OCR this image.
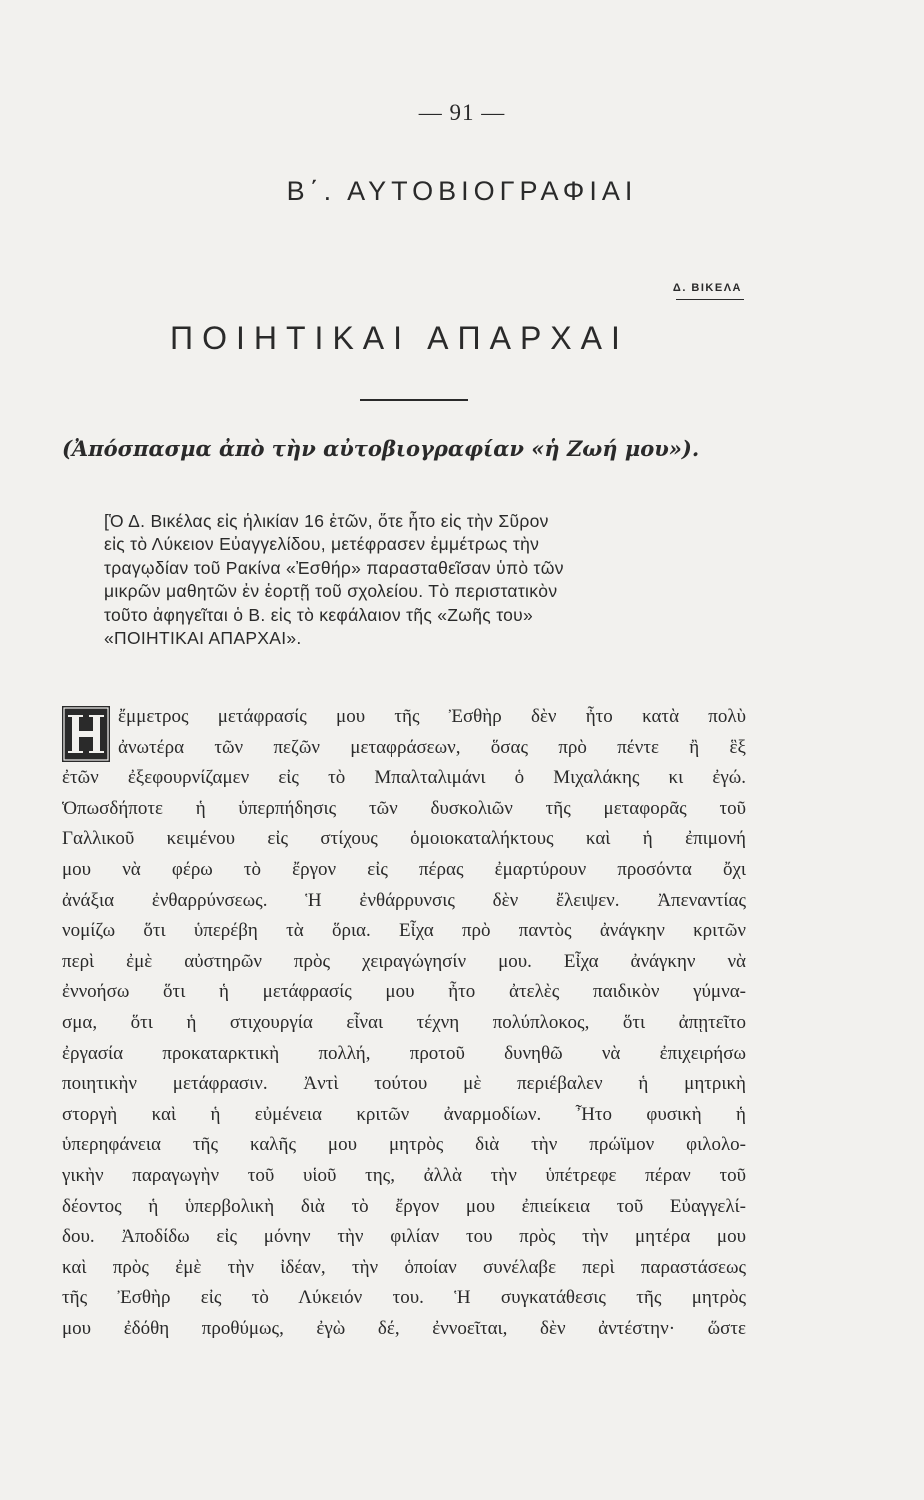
— 91 —
Β΄. ΑΥΤΟΒΙΟΓΡΑΦΙΑΙ
Δ. ΒΙΚΕΛΑ
ΠΟΙΗΤΙΚΑΙ ΑΠΑΡΧΑΙ
(Ἀπόσπασμα ἀπὸ τὴν αὐτοβιογραφίαν «ἡ Ζωή μου»).
[Ὁ Δ. Βικέλας εἰς ἡλικίαν 16 ἐτῶν, ὅτε ἦτο εἰς τὴν Σῦρον
εἰς τὸ Λύκειον Εὐαγγελίδου, μετέφρασεν ἐμμέτρως τὴν
τραγῳδίαν τοῦ Ρακίνα «Ἐσθήρ» παρασταθεῖσαν ὑπὸ τῶν
μικρῶν μαθητῶν ἐν ἑορτῇ τοῦ σχολείου. Τὸ περιστατικὸν
τοῦτο ἀφηγεῖται ὁ Β. εἰς τὸ κεφάλαιον τῆς «Ζωῆς του»
«ΠΟΙΗΤΙΚΑΙ ΑΠΑΡΧΑΙ».
ἔμμετρος μετάφρασίς μου τῆς Ἐσθὴρ δὲν ἦτο κατὰ πολὺ
ἀνωτέρα τῶν πεζῶν μεταφράσεων, ὅσας πρὸ πέντε ἢ ἓξ
ἐτῶν ἐξεφουρνίζαμεν εἰς τὸ Μπαλταλιμάνι ὁ Μιχαλάκης κι ἐγώ.
Ὁπωσδήποτε ἡ ὑπερπήδησις τῶν δυσκολιῶν τῆς μεταφορᾶς τοῦ
Γαλλικοῦ κειμένου εἰς στίχους ὁμοιοκαταλήκτους καὶ ἡ ἐπιμονή
μου νὰ φέρω τὸ ἔργον εἰς πέρας ἐμαρτύρουν προσόντα ὄχι
ἀνάξια ἐνθαρρύνσεως. Ἡ ἐνθάρρυνσις δὲν ἔλειψεν. Ἀπεναντίας
νομίζω ὅτι ὑπερέβη τὰ ὅρια. Εἶχα πρὸ παντὸς ἀνάγκην κριτῶν
περὶ ἐμὲ αὐστηρῶν πρὸς χειραγώγησίν μου. Εἶχα ἀνάγκην νὰ
ἐννοήσω ὅτι ἡ μετάφρασίς μου ἦτο ἀτελὲς παιδικὸν γύμνα-
σμα, ὅτι ἡ στιχουργία εἶναι τέχνη πολύπλοκος, ὅτι ἀπῃτεῖτο
ἐργασία προκαταρκτικὴ πολλή, προτοῦ δυνηθῶ νὰ ἐπιχειρήσω
ποιητικὴν μετάφρασιν. Ἀντὶ τούτου μὲ περιέβαλεν ἡ μητρικὴ
στοργὴ καὶ ἡ εὐμένεια κριτῶν ἀναρμοδίων. Ἦτο φυσικὴ ἡ
ὑπερηφάνεια τῆς καλῆς μου μητρὸς διὰ τὴν πρώϊμον φιλολο-
γικὴν παραγωγὴν τοῦ υἱοῦ της, ἀλλὰ τὴν ὑπέτρεφε πέραν τοῦ
δέοντος ἡ ὑπερβολικὴ διὰ τὸ ἔργον μου ἐπιείκεια τοῦ Εὐαγγελί-
δου. Ἀποδίδω εἰς μόνην τὴν φιλίαν του πρὸς τὴν μητέρα μου
καὶ πρὸς ἐμὲ τὴν ἰδέαν, τὴν ὁποίαν συνέλαβε περὶ παραστάσεως
τῆς Ἐσθὴρ εἰς τὸ Λύκειόν του. Ἡ συγκατάθεσις τῆς μητρὸς
μου ἐδόθη προθύμως, ἐγὼ δέ, ἐννοεῖται, δὲν ἀντέστην· ὥστε
